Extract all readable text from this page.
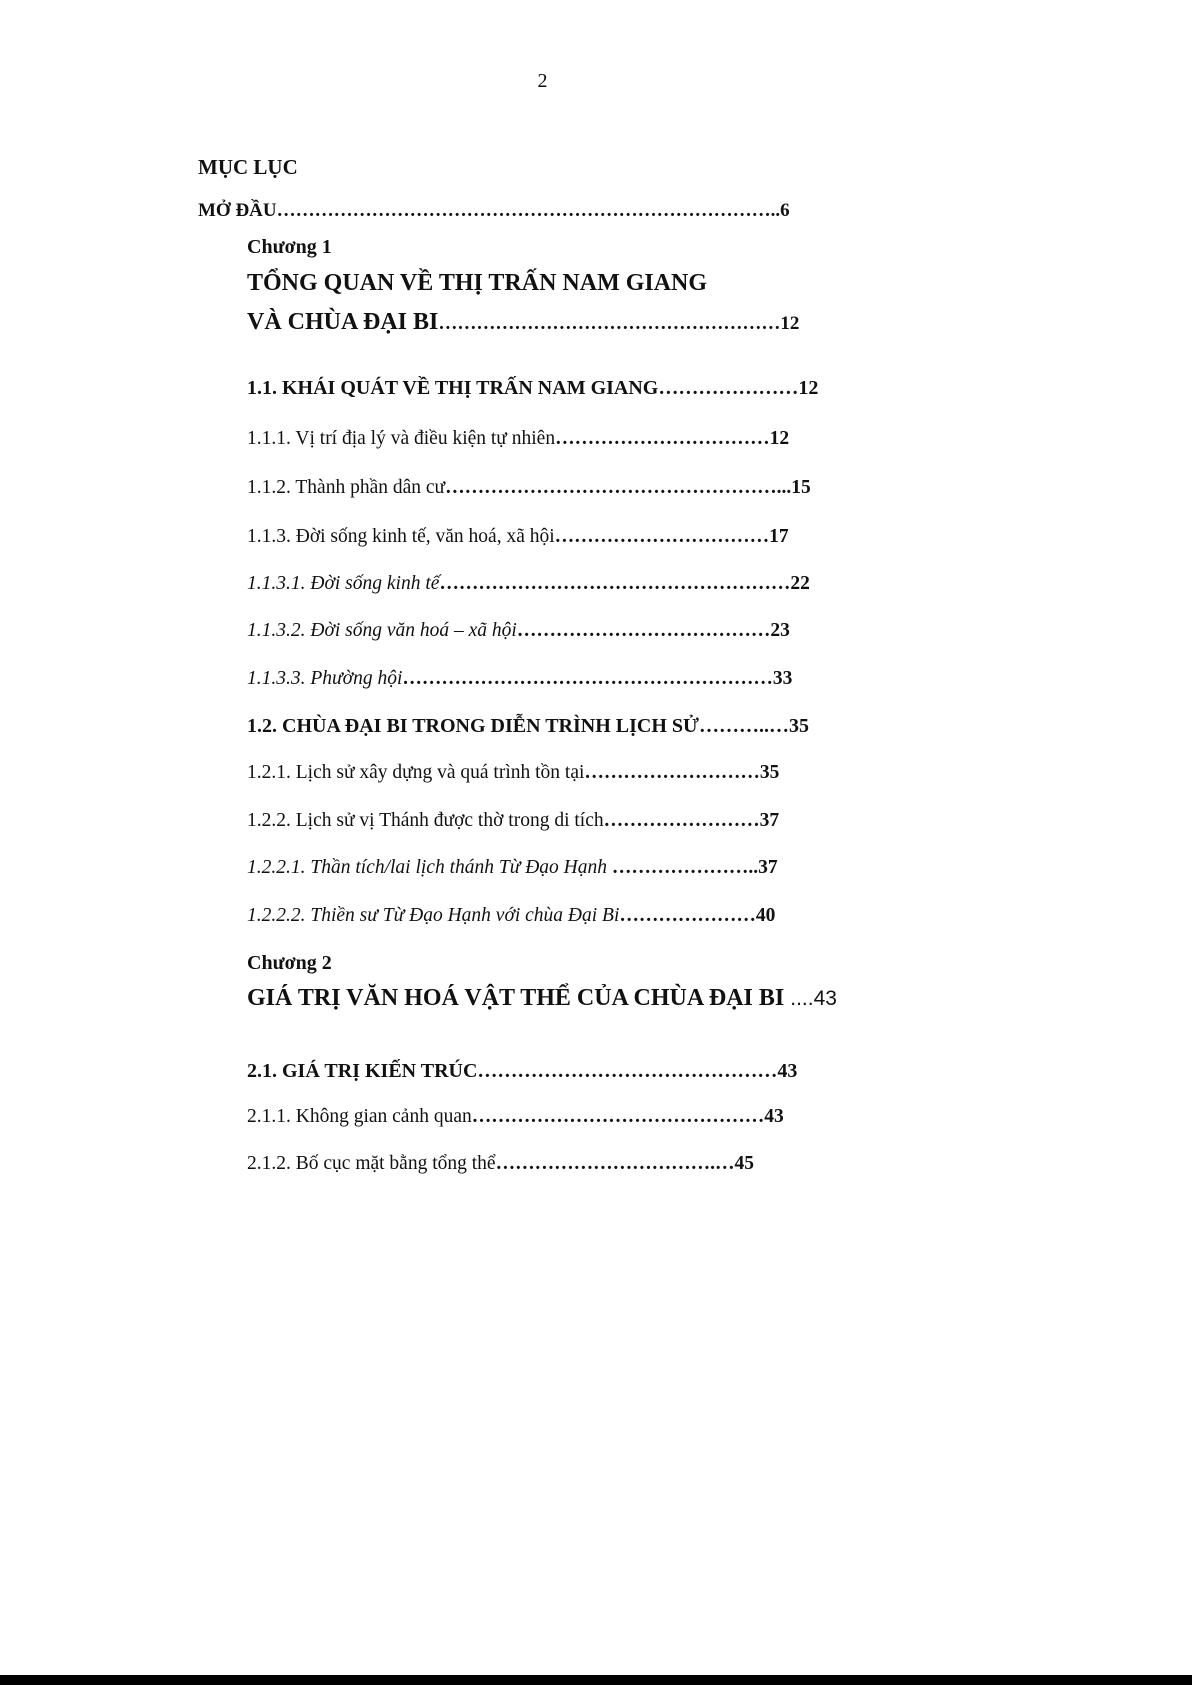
2
MỤC LỤC
MỞ ĐẦU……………………………………………………………………..6
Chương 1
TỔNG QUAN VỀ THỊ TRẤN NAM GIANG
VÀ CHÙA ĐẠI BI………………………………………………12
1.1. KHÁI QUÁT VỀ THỊ TRẤN NAM GIANG…………………12
1.1.1. Vị trí địa lý và điều kiện tự nhiên……………………………12
1.1.2. Thành phần dân cư……………………………………………...15
1.1.3. Đời sống kinh tế, văn hoá, xã hội……………………………17
1.1.3.1. Đời sống kinh tế………………………………………………22
1.1.3.2. Đời sống văn hoá – xã hội…………………………………23
1.1.3.3. Phường hội…………………………………………………33
1.2. CHÙA ĐẠI BI TRONG DIỄN TRÌNH LỊCH SỬ………..…35
1.2.1. Lịch sử xây dựng và quá trình tồn tại………………………35
1.2.2. Lịch sử vị Thánh được thờ trong di tích……………………37
1.2.2.1. Thần tích/lai lịch thánh Từ Đạo Hạnh …………………..37
1.2.2.2. Thiền sư Từ Đạo Hạnh với chùa Đại Bi…………………40
Chương 2
GIÁ TRỊ VĂN HOÁ VẬT THỂ CỦA CHÙA ĐẠI BI ....43
2.1. GIÁ TRỊ KIẾN TRÚC………………………………………43
2.1.1. Không gian cảnh quan………………………………………43
2.1.2. Bố cục mặt bằng tổng thể…………………………….…45
